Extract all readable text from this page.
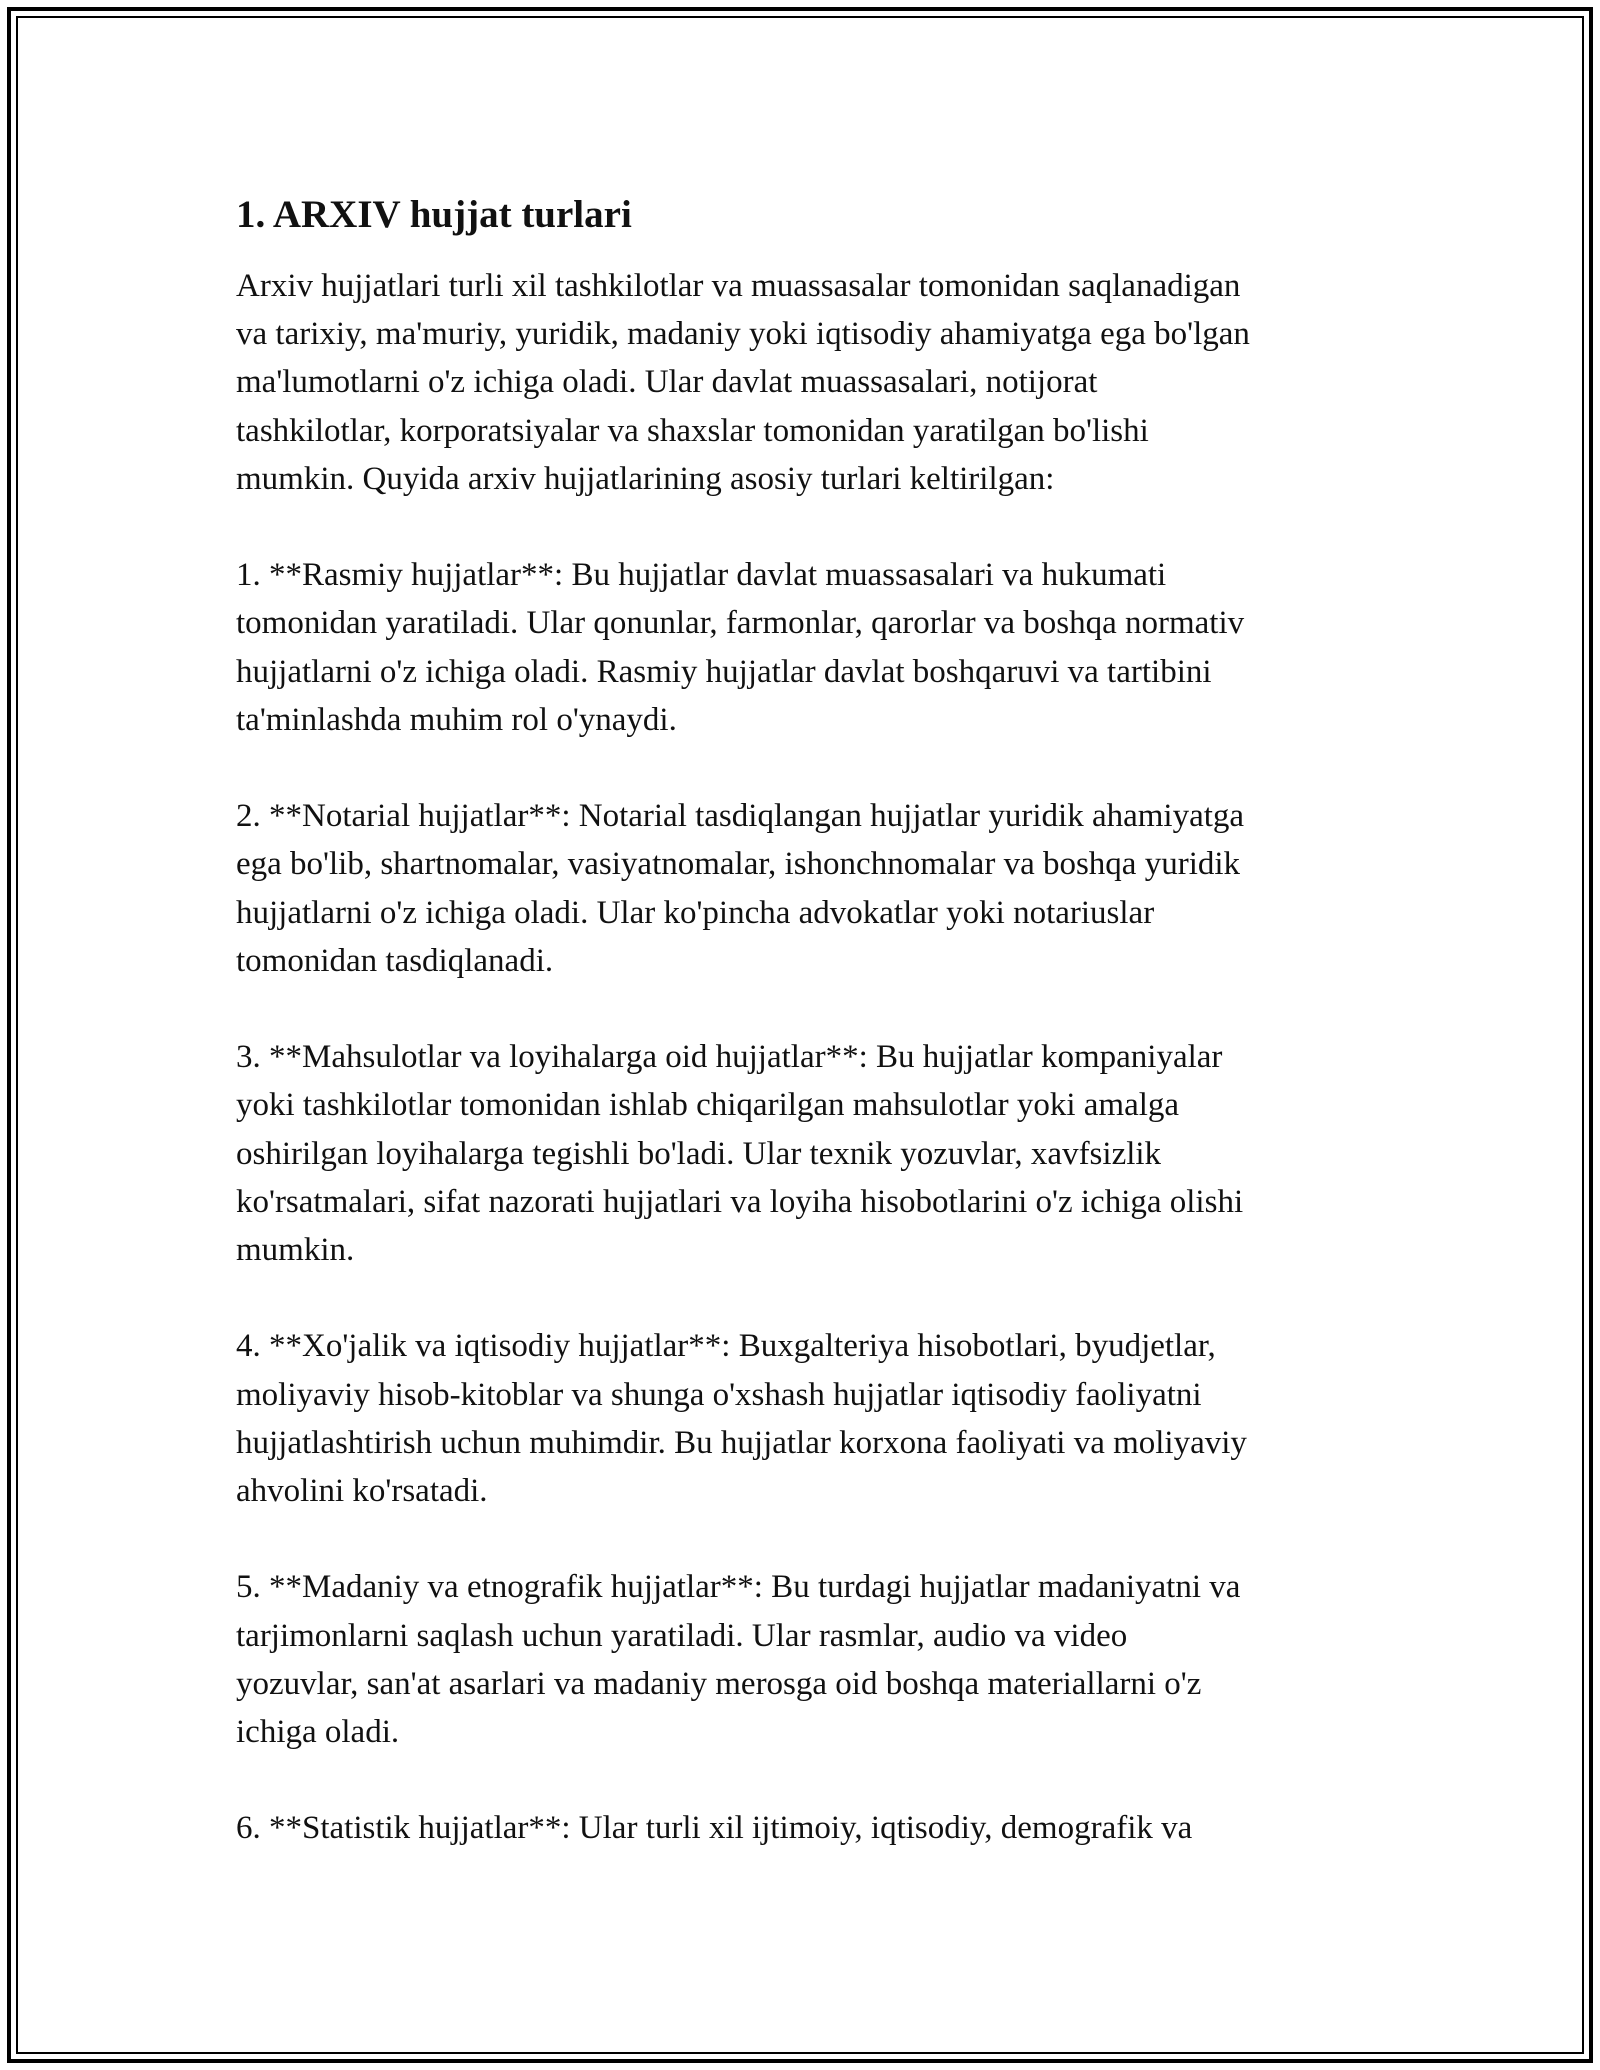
1. ARXIV hujjat turlari

Arxiv hujjatlari turli xil tashkilotlar va muassasalar tomonidan saqlanadigan
va tarixiy, ma'muriy, yuridik, madaniy yoki iqtisodiy ahamiyatga ega bo'lgan
ma'lumotlarni o'z ichiga oladi. Ular davlat muassasalari, notijorat
tashkilotlar, korporatsiyalar va shaxslar tomonidan yaratilgan bo'lishi
mumkin. Quyida arxiv hujjatlarining asosiy turlari keltirilgan:

1. **Rasmiy hujjatlar**: Bu hujjatlar davlat muassasalari va hukumati
tomonidan yaratiladi. Ular qonunlar, farmonlar, qarorlar va boshqa normativ
hujjatlarni o'z ichiga oladi. Rasmiy hujjatlar davlat boshqaruvi va tartibini
ta'minlashda muhim rol o'ynaydi.

2. **Notarial hujjatlar**: Notarial tasdiqlangan hujjatlar yuridik ahamiyatga
ega bo'lib, shartnomalar, vasiyatnomalar, ishonchnomalar va boshqa yuridik
hujjatlarni o'z ichiga oladi. Ular ko'pincha advokatlar yoki notariuslar
tomonidan tasdiqlanadi.

3. **Mahsulotlar va loyihalarga oid hujjatlar**: Bu hujjatlar kompaniyalar
yoki tashkilotlar tomonidan ishlab chiqarilgan mahsulotlar yoki amalga
oshirilgan loyihalarga tegishli bo'ladi. Ular texnik yozuvlar, xavfsizlik
ko'rsatmalari, sifat nazorati hujjatlari va loyiha hisobotlarini o'z ichiga olishi
mumkin.

4. **Xo'jalik va iqtisodiy hujjatlar**: Buxgalteriya hisobotlari, byudjetlar,
moliyaviy hisob-kitoblar va shunga o'xshash hujjatlar iqtisodiy faoliyatni
hujjatlashtirish uchun muhimdir. Bu hujjatlar korxona faoliyati va moliyaviy
ahvolini ko'rsatadi.

5. **Madaniy va etnografik hujjatlar**: Bu turdagi hujjatlar madaniyatni va
tarjimonlarni saqlash uchun yaratiladi. Ular rasmlar, audio va video
yozuvlar, san'at asarlari va madaniy merosga oid boshqa materiallarni o'z
ichiga oladi.

6. **Statistik hujjatlar**: Ular turli xil ijtimoiy, iqtisodiy, demografik va
